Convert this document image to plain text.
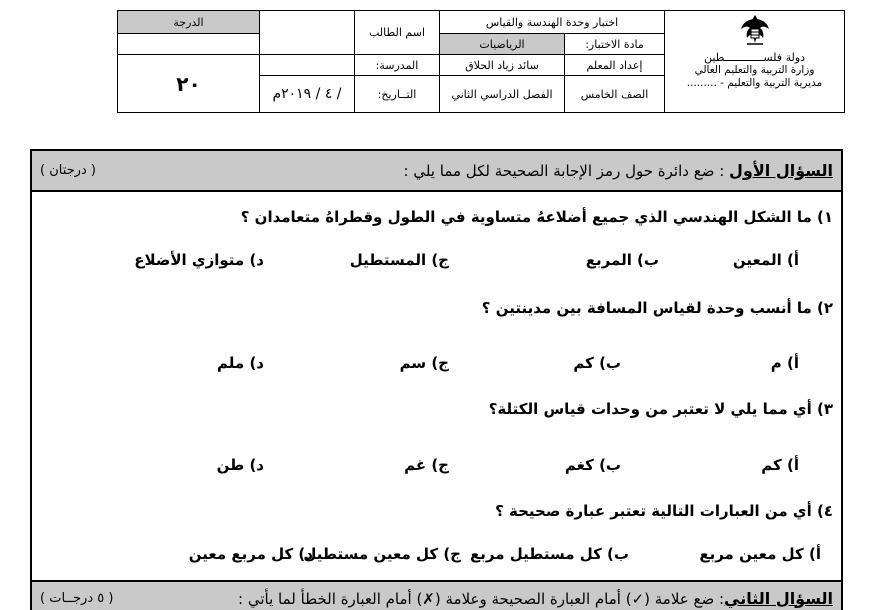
دولة فلســــــــــــطين
وزارة التربية والتعليم العالي
مديرية التربية والتعليم - .........	اختبار وحدة الهندسة والقياس		اسم الطالب		الدرجة
	مادة الاختبار:	الرياضيات			
	إعداد المعلم	سائد زياد الحلاق	المدرسة:		٢٠
	الصف الخامس	الفصل الدراسي الثاني	التــاريخ:	/ ٤ / ٢٠١٩م	
السؤال الأول : ضع دائرة حول رمز الإجابة الصحيحة لكل مما يلي :
( درجتان )
١) ما الشكل الهندسي الذي جميع أضلاعهُ متساوية في الطول وقطراهُ متعامدان ؟
أ) المعين
ب) المربع
ج) المستطيل
د) متوازي الأضلاع
٢) ما أنسب وحدة لقياس المسافة بين مدينتين ؟
أ) م
ب) كم
ج) سم
د) ملم
٣) أي مما يلي لا تعتبر من وحدات قياس الكتلة؟
أ) كم
ب) كغم
ج) غم
د) طن
٤) أي من العبارات التالية تعتبر عبارة صحيحة ؟
أ) كل معين مربع
ب) كل مستطيل مربع
ج) كل معين مستطيل
د) كل مربع معين
السؤال الثاني: ضع علامة (✓) أمام العبارة الصحيحة وعلامة (✗) أمام العبارة الخطأ لما يأتي :
( ٥ درجــات )
